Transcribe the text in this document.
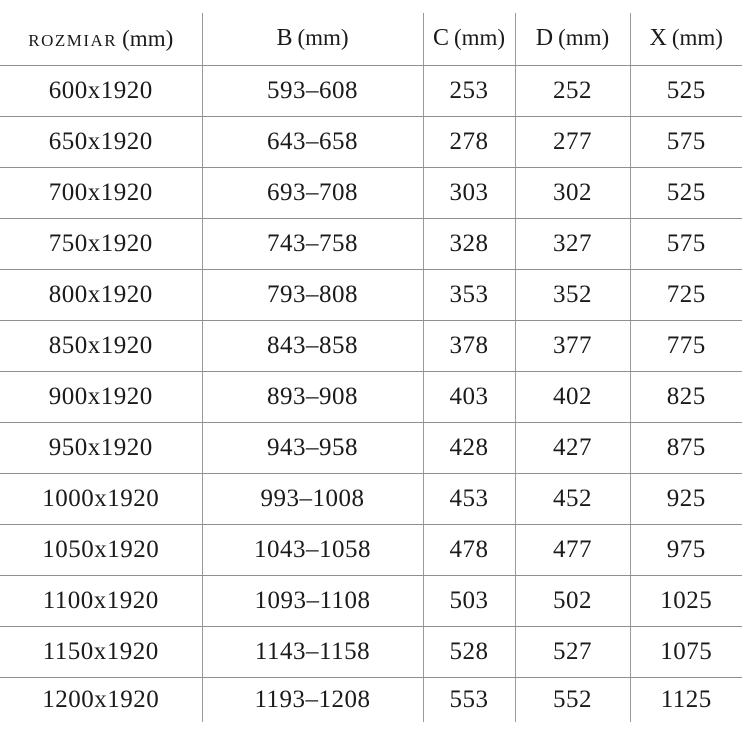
ROZMIAR (mm)	B (mm)	C (mm)	D (mm)	X (mm)
600x1920	593–608	253	252	525
650x1920	643–658	278	277	575
700x1920	693–708	303	302	525
750x1920	743–758	328	327	575
800x1920	793–808	353	352	725
850x1920	843–858	378	377	775
900x1920	893–908	403	402	825
950x1920	943–958	428	427	875
1000x1920	993–1008	453	452	925
1050x1920	1043–1058	478	477	975
1100x1920	1093–1108	503	502	1025
1150x1920	1143–1158	528	527	1075
1200x1920	1193–1208	553	552	1125
